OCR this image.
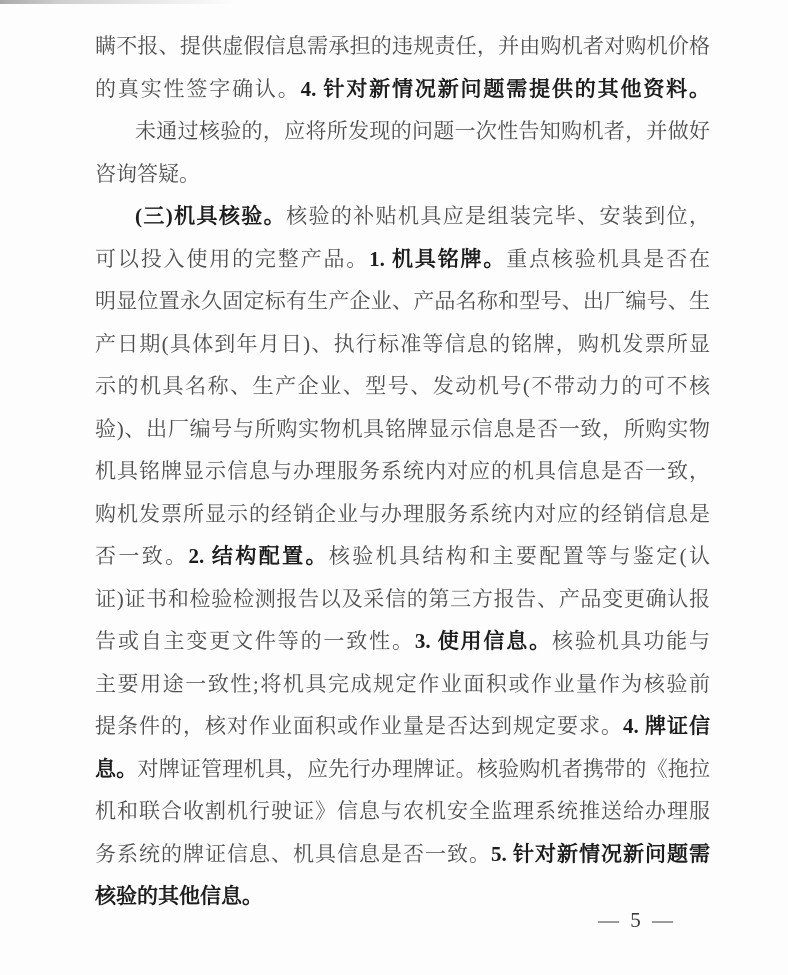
瞒不报、提供虚假信息需承担的违规责任，并由购机者对购机价格
的真实性签字确认。4. 针对新情况新问题需提供的其他资料。
未通过核验的，应将所发现的问题一次性告知购机者，并做好
咨询答疑。
(三)机具核验。核验的补贴机具应是组装完毕、安装到位，
可以投入使用的完整产品。1. 机具铭牌。重点核验机具是否在
明显位置永久固定标有生产企业、产品名称和型号、出厂编号、生
产日期(具体到年月日)、执行标准等信息的铭牌，购机发票所显
示的机具名称、生产企业、型号、发动机号(不带动力的可不核
验)、出厂编号与所购实物机具铭牌显示信息是否一致，所购实物
机具铭牌显示信息与办理服务系统内对应的机具信息是否一致，
购机发票所显示的经销企业与办理服务系统内对应的经销信息是
否一致。2. 结构配置。核验机具结构和主要配置等与鉴定(认
证)证书和检验检测报告以及采信的第三方报告、产品变更确认报
告或自主变更文件等的一致性。3. 使用信息。核验机具功能与
主要用途一致性;将机具完成规定作业面积或作业量作为核验前
提条件的，核对作业面积或作业量是否达到规定要求。4. 牌证信
息。对牌证管理机具，应先行办理牌证。核验购机者携带的《拖拉
机和联合收割机行驶证》信息与农机安全监理系统推送给办理服
务系统的牌证信息、机具信息是否一致。5. 针对新情况新问题需
核验的其他信息。
— 5 —
